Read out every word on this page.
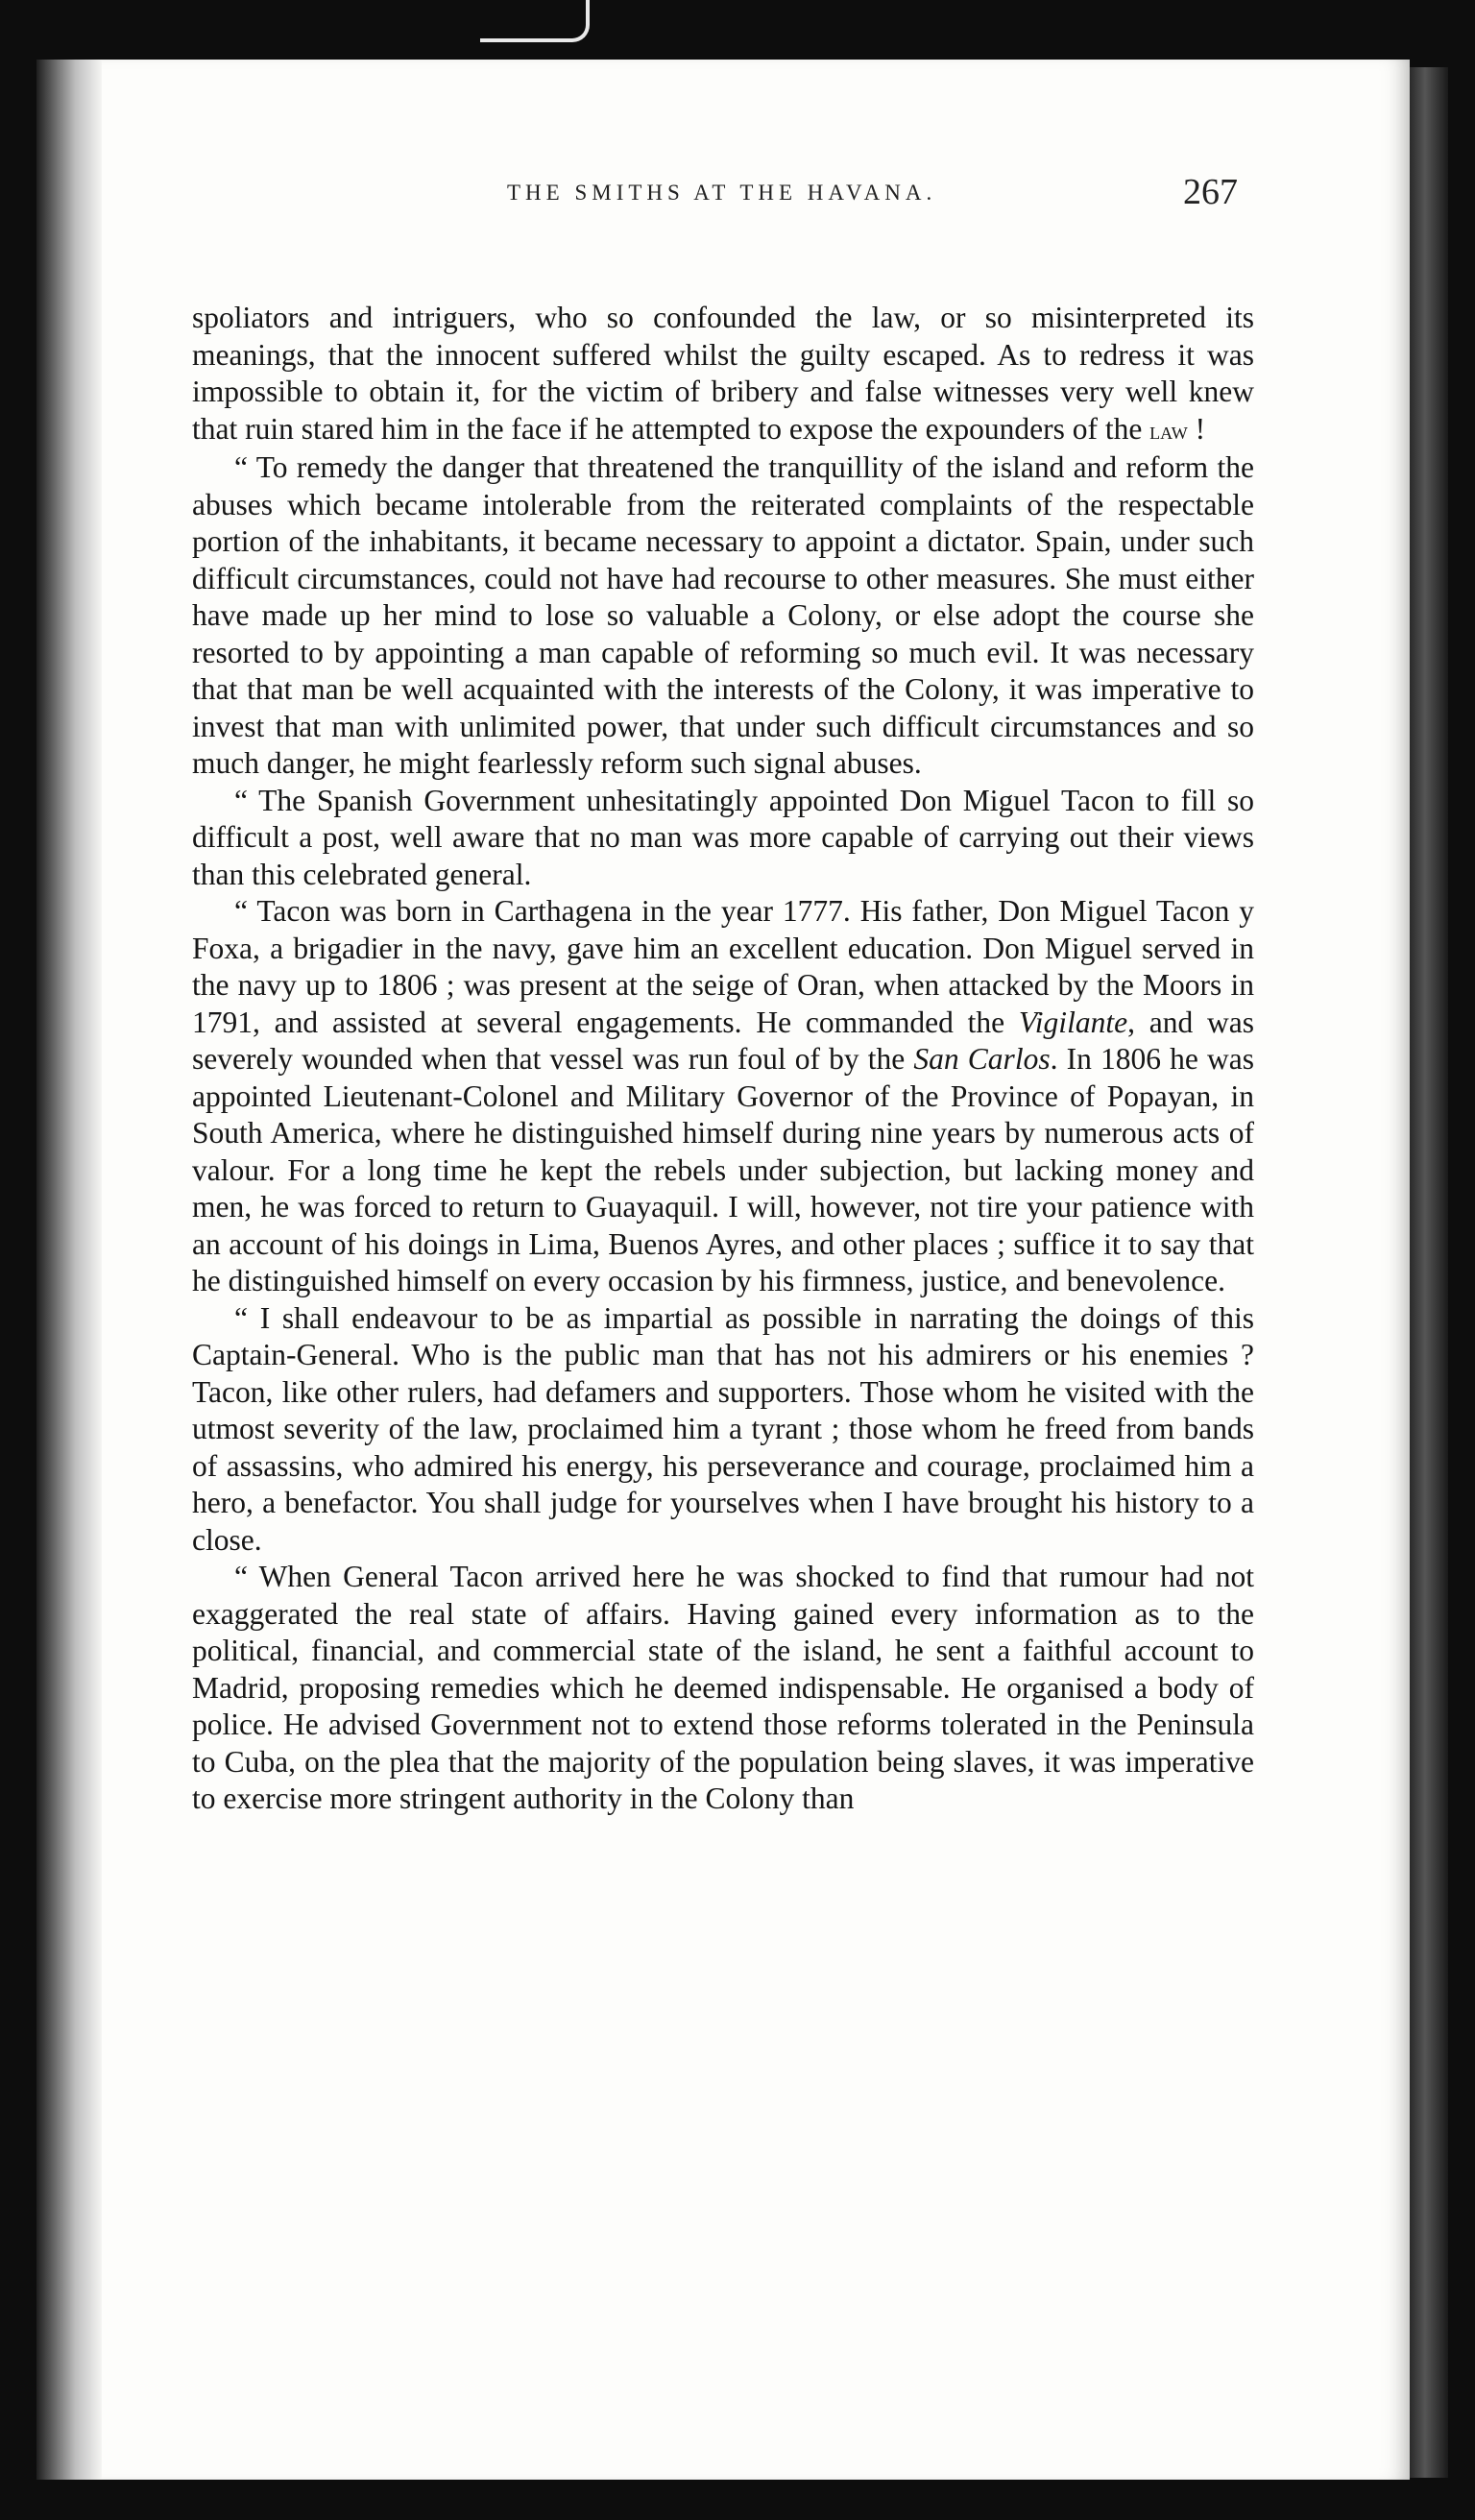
THE SMITHS AT THE HAVANA.	267

spoliators and intriguers, who so confounded the law, or so misinterpreted its meanings, that the innocent suffered whilst the guilty escaped. As to redress it was impossible to obtain it, for the victim of bribery and false witnesses very well knew that ruin stared him in the face if he attempted to expose the expounders of the law !

“ To remedy the danger that threatened the tranquillity of the island and reform the abuses which became intolerable from the reiterated complaints of the respectable portion of the inhabitants, it became necessary to appoint a dictator. Spain, under such difficult circumstances, could not have had recourse to other measures. She must either have made up her mind to lose so valuable a Colony, or else adopt the course she resorted to by appointing a man capable of reforming so much evil. It was necessary that that man be well acquainted with the interests of the Colony, it was imperative to invest that man with unlimited power, that under such difficult circumstances and so much danger, he might fearlessly reform such signal abuses.

“ The Spanish Government unhesitatingly appointed Don Miguel Tacon to fill so difficult a post, well aware that no man was more capable of carrying out their views than this celebrated general.

“ Tacon was born in Carthagena in the year 1777. His father, Don Miguel Tacon y Foxa, a brigadier in the navy, gave him an excellent education. Don Miguel served in the navy up to 1806 ; was present at the seige of Oran, when attacked by the Moors in 1791, and assisted at several engagements. He commanded the Vigilante, and was severely wounded when that vessel was run foul of by the San Carlos. In 1806 he was appointed Lieutenant-Colonel and Military Governor of the Province of Popayan, in South America, where he distinguished himself during nine years by numerous acts of valour. For a long time he kept the rebels under subjection, but lacking money and men, he was forced to return to Guayaquil. I will, however, not tire your patience with an account of his doings in Lima, Buenos Ayres, and other places ; suffice it to say that he distinguished himself on every occasion by his firmness, justice, and benevolence.

“ I shall endeavour to be as impartial as possible in narrating the doings of this Captain-General. Who is the public man that has not his admirers or his enemies ? Tacon, like other rulers, had defamers and supporters. Those whom he visited with the utmost severity of the law, proclaimed him a tyrant ; those whom he freed from bands of assassins, who admired his energy, his perseverance and courage, proclaimed him a hero, a benefactor. You shall judge for yourselves when I have brought his history to a close.

“ When General Tacon arrived here he was shocked to find that rumour had not exaggerated the real state of affairs. Having gained every information as to the political, financial, and commercial state of the island, he sent a faithful account to Madrid, proposing remedies which he deemed indispensable. He organised a body of police. He advised Government not to extend those reforms tolerated in the Peninsula to Cuba, on the plea that the majority of the population being slaves, it was imperative to exercise more stringent authority in the Colony than
